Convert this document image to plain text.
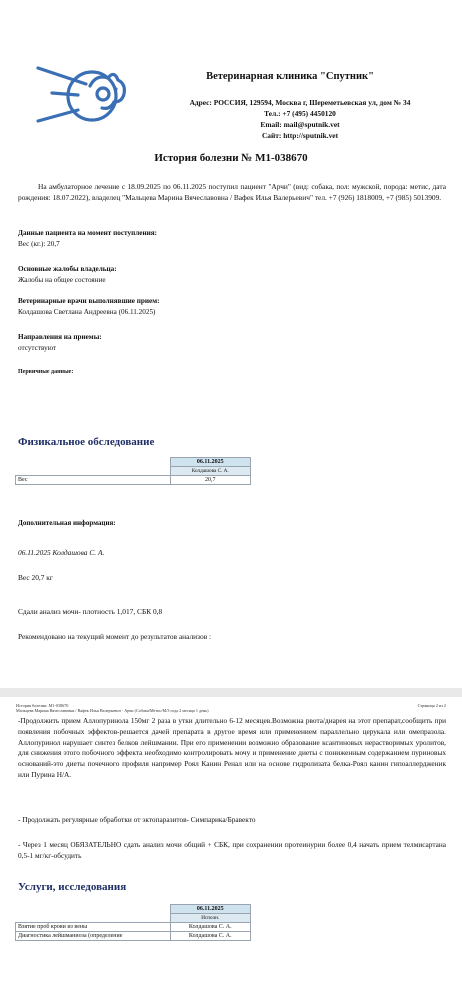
Ветеринарная клиника "Спутник"
Адрес: РОССИЯ, 129594, Москва г, Шереметьевская ул, дом № 34
Тел.: +7 (495) 4450120
Email: mail@sputnik.vet
Сайт: http://sputnik.vet
История болезни № М1-038670
На амбулаторное лечение с 18.09.2025 по 06.11.2025 поступил пациент "Арчи" (вид: собака, пол: мужской, порода: метис, дата рождения: 18.07.2022), владелец "Мальцева Марина Вячеславовна / Вафек Илья Валерьевич" тел. +7 (926) 1818009, +7 (985) 5013909.
Данные пациента на момент поступления:
Вес (кг.): 20,7
Основные жалобы владельца:
Жалобы на общее состояние
Ветеринарные врачи выполнявшие прием:
Колдашова Светлана Андреевна (06.11.2025)
Направления на приемы:
отсутствуют
Первичные данные:
Физикальное обследование
	06.11.2025
	Колдашова С. А.
Вес	20,7
Дополнительная информация:
06.11.2025 Колдашова С. А.
Вес 20,7 кг
Сдали анализ мочи- плотность 1,017, СБК 0,8
Рекомендовано на текущий момент до результатов анализов :
История болезни: М1-038670
Мальцева Марина Вячеславовна / Вафек Илья Валерьевич - Арчи (Собака/Метис/М/3 года 2 месяца 1 день)
Страница 2 из 2
-Продолжить прием Аллопуринола 150мг 2 раза в утки длительно 6-12 месяцев.Возможна рвота/диарея на этот препарат,сообщить при появления побочных эффектов-решается дачей препарата в другое время или применением параллельно церукала или омепразола. Аллопуринол нарушает синтез белков лейшмании. При его применении возможно образование ксантиновых нерастворимых уролитов, для снижения этого побочного эффекта необходимо контролировать мочу и применение диеты с пониженным содержанием пуриновых оснований-это диеты почечного профиля например Роял Канин Ренал или на основе гидролизата белка-Роял канин гипоаллердженик или Пурина Н/А.
- Продолжать регулярные обработки от эктопаразитов- Симпарика/Бравекто
- Через 1 месяц ОБЯЗАТЕЛЬНО сдать анализ мочи общий + СБК, при сохранении протеинурии более 0,4 начать прием телмисартана 0,5-1 мг/кг-обсудить
Услуги, исследования
	06.11.2025
	Исполн.
Взятие проб крови из вены	Колдашова С. А.
Диагностика лейшманиоза (определение	Колдашова С. А.
